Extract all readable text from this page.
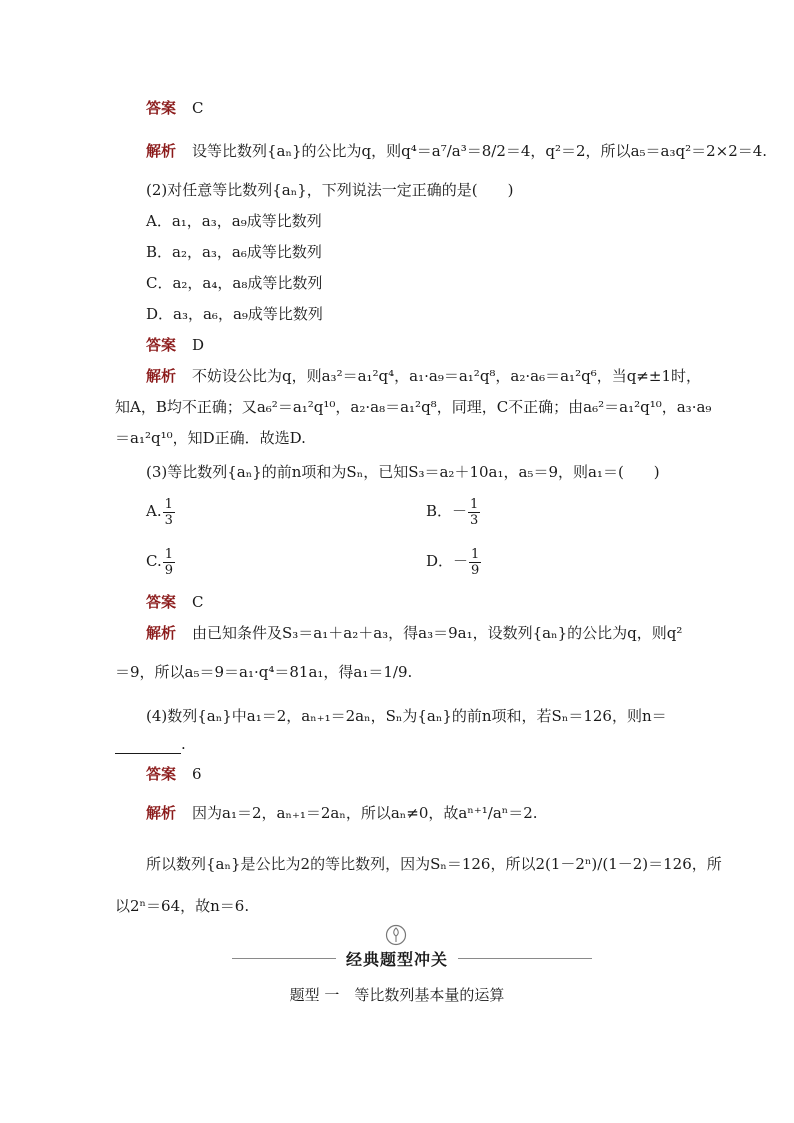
答案 C
解析 设等比数列{aₙ}的公比为q，则q⁴＝a⁷/a³＝8/2＝4，q²＝2，所以a₅＝a₃q²＝2×2＝4.
(2)对任意等比数列{aₙ}，下列说法一定正确的是(　　)
A．a₁，a₃，a₉成等比数列
B．a₂，a₃，a₆成等比数列
C．a₂，a₄，a₈成等比数列
D．a₃，a₆，a₉成等比数列
答案 D
解析 不妨设公比为q，则a₃²＝a₁²q⁴，a₁·a₉＝a₁²q⁸，a₂·a₆＝a₁²q⁶，当q≠±1时，
知A，B均不正确；又a₆²＝a₁²q¹⁰，a₂·a₈＝a₁²q⁸，同理，C不正确；由a₆²＝a₁²q¹⁰，a₃·a₉
＝a₁²q¹⁰，知D正确．故选D.
(3)等比数列{aₙ}的前n项和为Sₙ，已知S₃＝a₂＋10a₁，a₅＝9，则a₁＝(　　)
A. $\frac{1}{3}$	B．－ $\frac{1}{3}$
C. $\frac{1}{9}$	D．－ $\frac{1}{9}$
答案 C
解析 由已知条件及S₃＝a₁＋a₂＋a₃，得a₃＝9a₁，设数列{aₙ}的公比为q，则q²
＝9，所以a₅＝9＝a₁·q⁴＝81a₁，得a₁＝1/9.
(4)数列{aₙ}中a₁＝2，aₙ₊₁＝2aₙ，Sₙ为{aₙ}的前n项和，若Sₙ＝126，则n＝
.
答案 6
解析 因为a₁＝2，aₙ₊₁＝2aₙ，所以aₙ≠0，故aⁿ⁺¹/aⁿ＝2.
所以数列{aₙ}是公比为2的等比数列，因为Sₙ＝126，所以2(1－2ⁿ)/(1－2)＝126，所
以2ⁿ＝64，故n＝6.
经典题型冲关
题型 一　等比数列基本量的运算
